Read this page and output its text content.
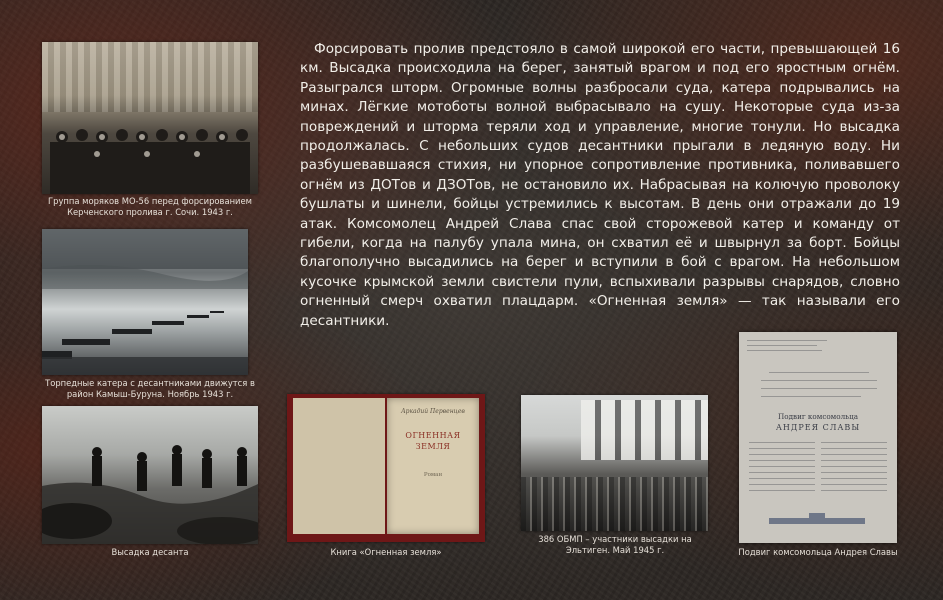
Форсировать пролив предстояло в самой широкой его части, превышающей 16 км. Высадка происходила на берег, занятый врагом и под его яростным огнём. Разыгрался шторм. Огромные волны разбросали суда, катера подрывались на минах. Лёгкие мотоботы волной выбрасывало на сушу. Некоторые суда из-за повреждений и шторма теряли ход и управление, многие тонули. Но высадка продолжалась. С небольших судов десантники прыгали в ледяную воду. Ни разбушевавшаяся стихия, ни упорное сопротивление противника, поливавшего огнём из ДОТов и ДЗОТов, не остановило их. Набрасывая на колючую проволоку бушлаты и шинели, бойцы устремились к высотам. В день они отражали до 19 атак. Комсомолец Андрей Слава спас свой сторожевой катер и команду от гибели, когда на палубу упала мина, он схватил её и швырнул за борт. Бойцы благополучно высадились на берег и вступили в бой с врагом. На небольшом кусочке крымской земли свистели пули, вспыхивали разрывы снарядов, словно огненный смерч охватил плацдарм. «Огненная земля» — так называли его десантники.

Группа моряков МО-56 перед форсированием
Керченского пролива г. Сочи. 1943 г.
Торпедные катера с десантниками движутся в
район Камыш-Буруна. Ноябрь 1943 г.
Высадка десанта
Аркадий Первенцев
ОГНЕННАЯ
ЗЕМЛЯ
Роман
Книга «Огненная земля»
386 ОБМП – участники высадки на
Эльтиген. Май 1945 г.
Подвиг комсомольца
АНДРЕЯ СЛАВЫ
Подвиг комсомольца Андрея Славы
